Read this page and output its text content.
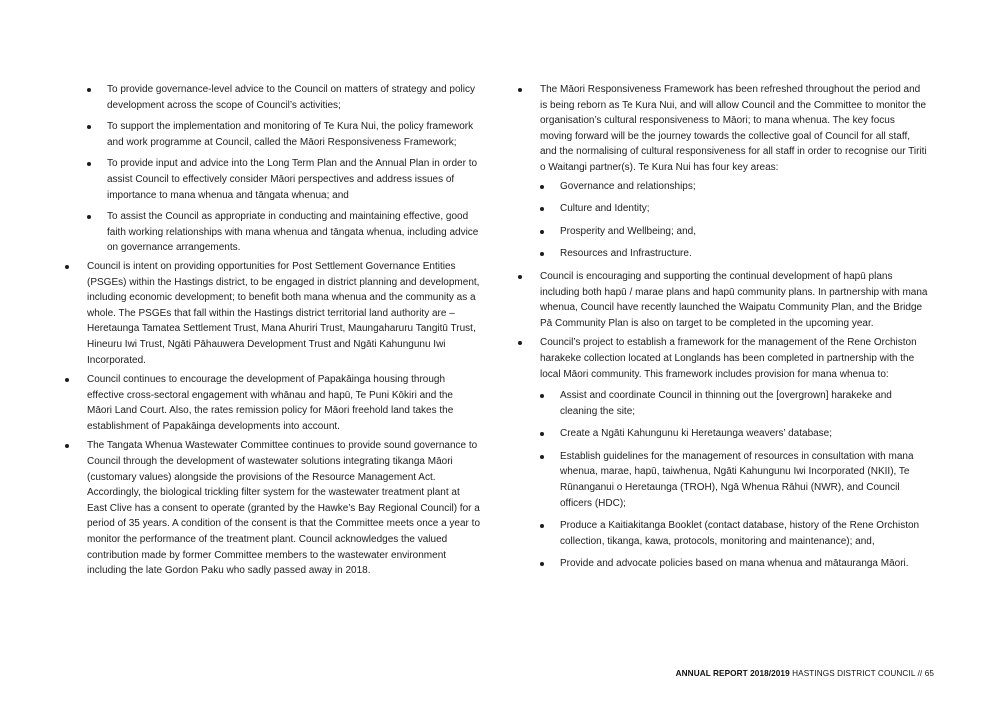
To provide governance-level advice to the Council on matters of strategy and policy development across the scope of Council’s activities;
To support the implementation and monitoring of Te Kura Nui, the policy framework and work programme at Council, called the Māori Responsiveness Framework;
To provide input and advice into the Long Term Plan and the Annual Plan in order to assist Council to effectively consider Māori perspectives and address issues of importance to mana whenua and tāngata whenua; and
To assist the Council as appropriate in conducting and maintaining effective, good faith working relationships with mana whenua and tāngata whenua, including advice on governance arrangements.
Council is intent on providing opportunities for Post Settlement Governance Entities (PSGEs) within the Hastings district, to be engaged in district planning and development, including economic development; to benefit both mana whenua and the community as a whole. The PSGEs that fall within the Hastings district territorial land authority are – Heretaunga Tamatea Settlement Trust, Mana Ahuriri Trust, Maungaharuru Tangitū Trust, Hineuru Iwi Trust, Ngāti Pāhauwera Development Trust and Ngāti Kahungunu Iwi Incorporated.
Council continues to encourage the development of Papakāinga housing through effective cross-sectoral engagement with whānau and hapū, Te Puni Kōkiri and the Māori Land Court. Also, the rates remission policy for Māori freehold land takes the establishment of Papakāinga developments into account.
The Tangata Whenua Wastewater Committee continues to provide sound governance to Council through the development of wastewater solutions integrating tikanga Māori (customary values) alongside the provisions of the Resource Management Act. Accordingly, the biological trickling filter system for the wastewater treatment plant at East Clive has a consent to operate (granted by the Hawke’s Bay Regional Council) for a period of 35 years. A condition of the consent is that the Committee meets once a year to monitor the performance of the treatment plant. Council acknowledges the valued contribution made by former Committee members to the wastewater environment including the late Gordon Paku who sadly passed away in 2018.
The Māori Responsiveness Framework has been refreshed throughout the period and is being reborn as Te Kura Nui, and will allow Council and the Committee to monitor the organisation’s cultural responsiveness to Māori; to mana whenua. The key focus moving forward will be the journey towards the collective goal of Council for all staff, and the normalising of cultural responsiveness for all staff in order to recognise our Tiriti o Waitangi partner(s). Te Kura Nui has four key areas:
Governance and relationships;
Culture and Identity;
Prosperity and Wellbeing; and,
Resources and Infrastructure.
Council is encouraging and supporting the continual development of hapū plans including both hapū / marae plans and hapū community plans. In partnership with mana whenua, Council have recently launched the Waipatu Community Plan, and the Bridge Pā Community Plan is also on target to be completed in the upcoming year.
Council’s project to establish a framework for the management of the Rene Orchiston harakeke collection located at Longlands has been completed in partnership with the local Māori community. This framework includes provision for mana whenua to:
Assist and coordinate Council in thinning out the [overgrown] harakeke and cleaning the site;
Create a Ngāti Kahungunu ki Heretaunga weavers’ database;
Establish guidelines for the management of resources in consultation with mana whenua, marae, hapū, taiwhenua, Ngāti Kahungunu Iwi Incorporated (NKII), Te Rūnanganui o Heretaunga (TROH), Ngā Whenua Rāhui (NWR), and Council officers (HDC);
Produce a Kaitiakitanga Booklet (contact database, history of the Rene Orchiston collection, tikanga, kawa, protocols, monitoring and maintenance); and,
Provide and advocate policies based on mana whenua and mātauranga Māori.
ANNUAL REPORT 2018/2019 HASTINGS DISTRICT COUNCIL // 65
